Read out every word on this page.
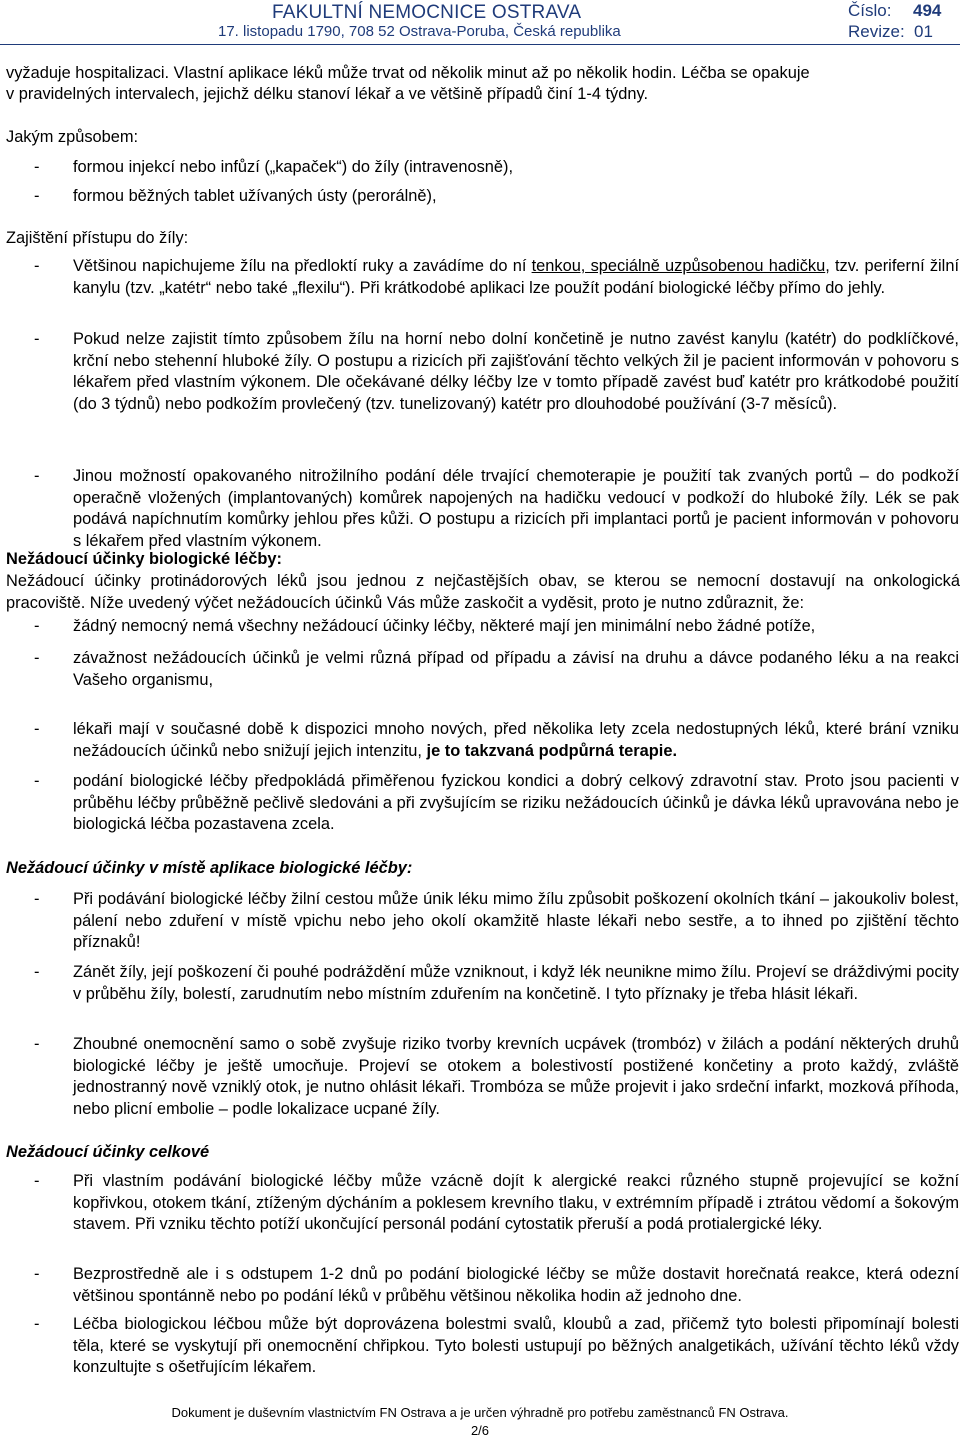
FAKULTNÍ NEMOCNICE OSTRAVA
17. listopadu 1790, 708 52 Ostrava-Poruba, Česká republika
Číslo: 494
Revize: 01
vyžaduje hospitalizaci. Vlastní aplikace léků může trvat od několik minut až po několik hodin. Léčba se opakuje
v pravidelných intervalech, jejichž délku stanoví lékař a ve většině případů činí 1-4 týdny.
Jakým způsobem:
- formou injekcí nebo infůzí („kapaček“) do žíly (intravenosně),
- formou běžných tablet užívaných ústy (perorálně),
Zajištění přístupu do žíly:
- Většinou napichujeme žílu na předloktí ruky a zavádíme do ní tenkou, speciálně uzpůsobenou hadičku, tzv. periferní žilní kanylu (tzv. „katétr“ nebo také „flexilu“). Při krátkodobé aplikaci lze použít podání biologické léčby přímo do jehly.
- Pokud nelze zajistit tímto způsobem žílu na horní nebo dolní končetině je nutno zavést kanylu (katétr) do podklíčkové, krční nebo stehenní hluboké žíly. O postupu a rizicích při zajišťování těchto velkých žil je pacient informován v pohovoru s lékařem před vlastním výkonem. Dle očekávané délky léčby lze v tomto případě zavést buď katétr pro krátkodobé použití (do 3 týdnů) nebo podkožím provlečený (tzv. tunelizovaný) katétr pro dlouhodobé používání (3-7 měsíců).
- Jinou možností opakovaného nitrožilního podání déle trvající chemoterapie je použití tak zvaných portů – do podkoží operačně vložených (implantovaných) komůrek napojených na hadičku vedoucí v podkoží do hluboké žíly. Lék se pak podává napíchnutím komůrky jehlou přes kůži. O postupu a rizicích při implantaci portů je pacient informován v pohovoru s lékařem před vlastním výkonem.
Nežádoucí účinky biologické léčby:
Nežádoucí účinky protinádorových léků jsou jednou z nejčastějších obav, se kterou se nemocní dostavují na onkologická pracoviště. Níže uvedený výčet nežádoucích účinků Vás může zaskočit a vyděsit, proto je nutno zdůraznit, že:
- žádný nemocný nemá všechny nežádoucí účinky léčby, některé mají jen minimální nebo žádné potíže,
- závažnost nežádoucích účinků je velmi různá případ od případu a závisí na druhu a dávce podaného léku a na reakci Vašeho organismu,
- lékaři mají v současné době k dispozici mnoho nových, před několika lety zcela nedostupných léků, které brání vzniku nežádoucích účinků nebo snižují jejich intenzitu, je to takzvaná podpůrná terapie.
- podání biologické léčby předpokládá přiměřenou fyzickou kondici a dobrý celkový zdravotní stav. Proto jsou pacienti v průběhu léčby průběžně pečlivě sledováni a při zvyšujícím se riziku nežádoucích účinků je dávka léků upravována nebo je biologická léčba pozastavena zcela.
Nežádoucí účinky v místě aplikace biologické léčby:
- Při podávání biologické léčby žilní cestou může únik léku mimo žílu způsobit poškození okolních tkání – jakoukoliv bolest, pálení nebo zduření v místě vpichu nebo jeho okolí okamžitě hlaste lékaři nebo sestře, a to ihned po zjištění těchto příznaků!
- Zánět žíly, její poškození či pouhé podráždění může vzniknout, i když lék neunikne mimo žílu. Projeví se dráždivými pocity v průběhu žíly, bolestí, zarudnutím nebo místním zduřením na končetině. I tyto příznaky je třeba hlásit lékaři.
- Zhoubné onemocnění samo o sobě zvyšuje riziko tvorby krevních ucpávek (trombóz) v žilách a podání některých druhů biologické léčby je ještě umocňuje. Projeví se otokem a bolestivostí postižené končetiny a proto každý, zvláště jednostranný nově vzniklý otok, je nutno ohlásit lékaři. Trombóza se může projevit i jako srdeční infarkt, mozková příhoda, nebo plicní embolie – podle lokalizace ucpané žíly.
Nežádoucí účinky celkové
- Při vlastním podávání biologické léčby může vzácně dojít k alergické reakci různého stupně projevující se kožní kopřivkou, otokem tkání, ztíženým dýcháním a poklesem krevního tlaku, v extrémním případě i ztrátou vědomí a šokovým stavem. Při vzniku těchto potíží ukončující personál podání cytostatik přeruší a podá protialergické léky.
- Bezprostředně ale i s odstupem 1-2 dnů po podání biologické léčby se může dostavit horečnatá reakce, která odezní většinou spontánně nebo po podání léků v průběhu většinou několika hodin až jednoho dne.
- Léčba biologickou léčbou může být doprovázena bolestmi svalů, kloubů a zad, přičemž tyto bolesti připomínají bolesti těla, které se vyskytují při onemocnění chřipkou. Tyto bolesti ustupují po běžných analgetikách, užívání těchto léků vždy konzultujte s ošetřujícím lékařem.
Dokument je duševním vlastnictvím FN Ostrava a je určen výhradně pro potřebu zaměstnanců FN Ostrava.
2/6
